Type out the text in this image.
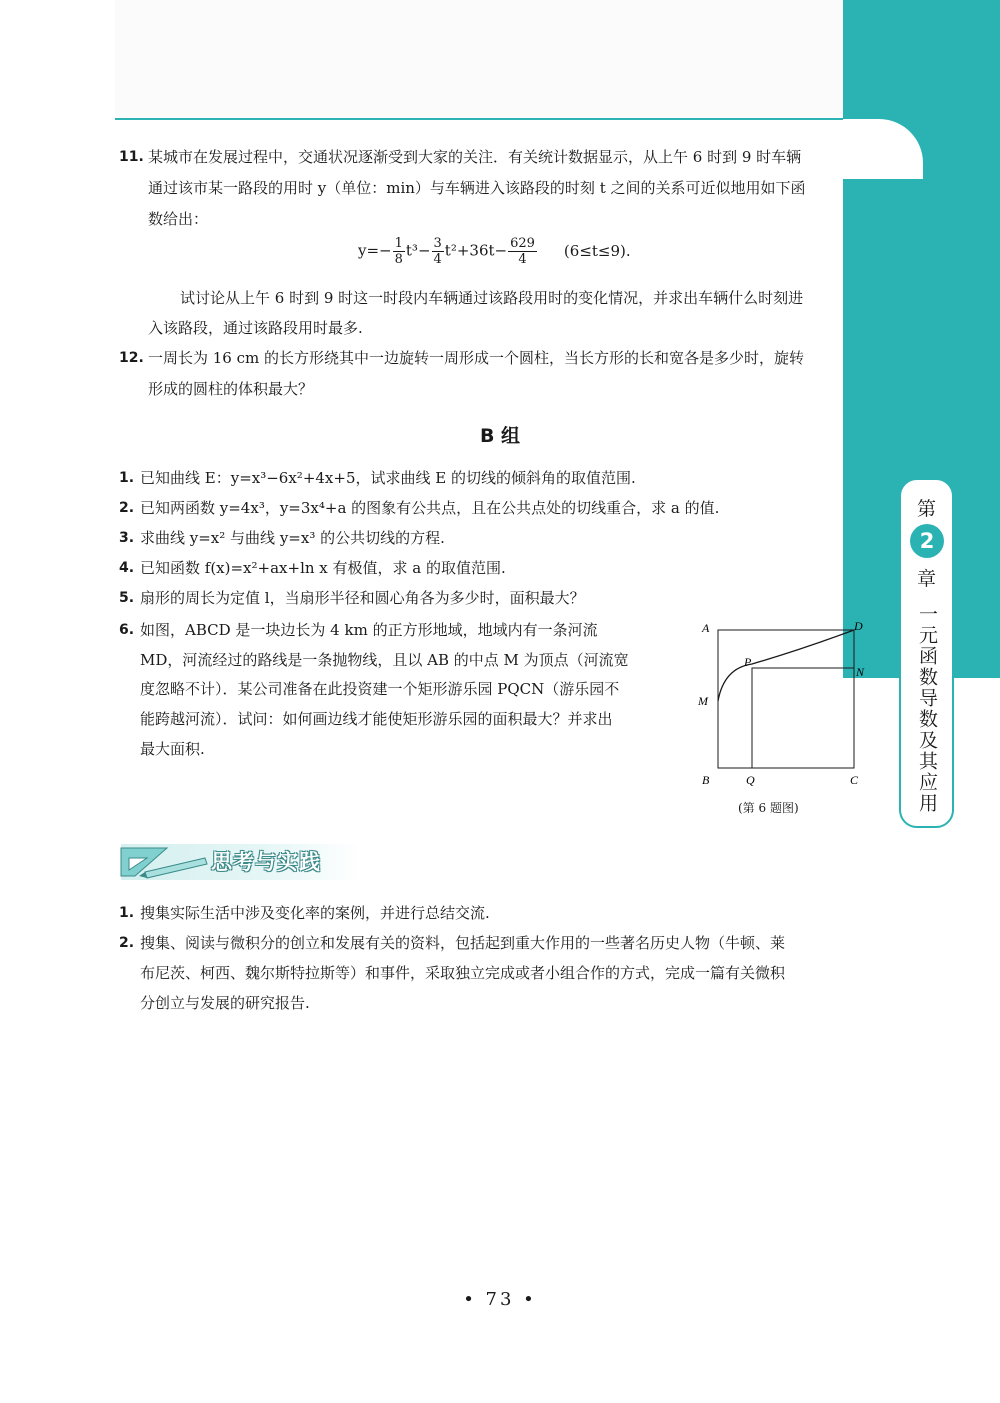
11. 某城市在发展过程中，交通状况逐渐受到大家的关注．有关统计数据显示，从上午 6 时到 9 时车辆
通过该市某一路段的用时 y（单位：min）与车辆进入该路段的时刻 t 之间的关系可近似地用如下函
数给出：
$y=- \frac{1}{8} t^3- \frac{3}{4} t^2+36t- \frac{629}{4} (6\le t\le 9)$.
试讨论从上午 6 时到 9 时这一时段内车辆通过该路段用时的变化情况，并求出车辆什么时刻进
入该路段，通过该路段用时最多.
12. 一周长为 16 cm 的长方形绕其中一边旋转一周形成一个圆柱，当长方形的长和宽各是多少时，旋转
形成的圆柱的体积最大？
B 组
1. 已知曲线 E：y=x³−6x²+4x+5，试求曲线 E 的切线的倾斜角的取值范围.
2. 已知两函数 y=4x³，y=3x⁴+a 的图象有公共点，且在公共点处的切线重合，求 a 的值.
3. 求曲线 y=x² 与曲线 y=x³ 的公共切线的方程.
4. 已知函数 f(x)=x²+ax+ln x 有极值，求 a 的取值范围.
5. 扇形的周长为定值 l，当扇形半径和圆心角各为多少时，面积最大？
6. 如图，ABCD 是一块边长为 4 km 的正方形地域，地域内有一条河流
MD，河流经过的路线是一条抛物线，且以 AB 的中点 M 为顶点（河流宽
度忽略不计）．某公司准备在此投资建一个矩形游乐园 PQCN（游乐园不
能跨越河流）．试问：如何画边线才能使矩形游乐园的面积最大？并求出
最大面积.
A	D
P
N
M
B	Q	C
(第 6 题图)
思考与实践
1. 搜集实际生活中涉及变化率的案例，并进行总结交流.
2. 搜集、阅读与微积分的创立和发展有关的资料，包括起到重大作用的一些著名历史人物（牛顿、莱
布尼茨、柯西、魏尔斯特拉斯等）和事件，采取独立完成或者小组合作的方式，完成一篇有关微积
分创立与发展的研究报告.
第
2
章
一元函数导数及其应用
• 73 •
